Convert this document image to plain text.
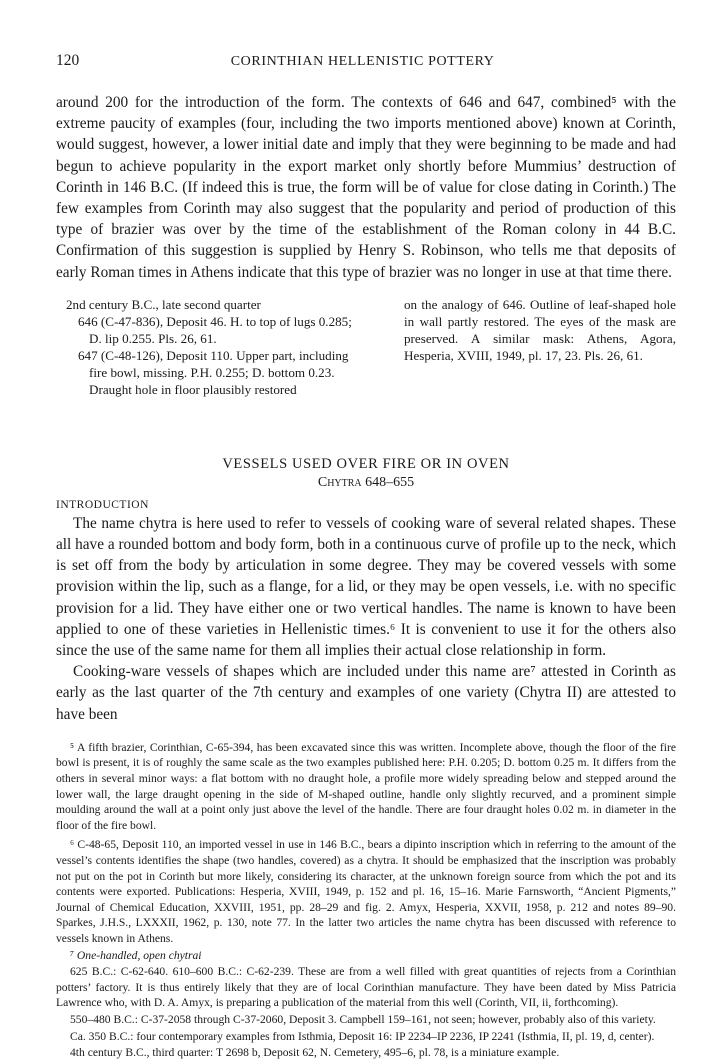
120	CORINTHIAN HELLENISTIC POTTERY

around 200 for the introduction of the form. The contexts of 646 and 647, combined⁵ with the extreme paucity of examples (four, including the two imports mentioned above) known at Corinth, would suggest, however, a lower initial date and imply that they were beginning to be made and had begun to achieve popularity in the export market only shortly before Mummius’ destruction of Corinth in 146 B.C. (If indeed this is true, the form will be of value for close dating in Corinth.) The few examples from Corinth may also suggest that the popularity and period of production of this type of brazier was over by the time of the establishment of the Roman colony in 44 B.C. Confirmation of this suggestion is supplied by Henry S. Robinson, who tells me that deposits of early Roman times in Athens indicate that this type of brazier was no longer in use at that time there.

2nd century B.C., late second quarter

646 (C-47-836), Deposit 46. H. to top of lugs 0.285; D. lip 0.255. Pls. 26, 61.

647 (C-48-126), Deposit 110. Upper part, including fire bowl, missing. P.H. 0.255; D. bottom 0.23. Draught hole in floor plausibly restored

on the analogy of 646. Outline of leaf-shaped hole in wall partly restored. The eyes of the mask are preserved. A similar mask: Athens, Agora, Hesperia, XVIII, 1949, pl. 17, 23. Pls. 26, 61.

VESSELS USED OVER FIRE OR IN OVEN
Chytra 648–655
INTRODUCTION

The name chytra is here used to refer to vessels of cooking ware of several related shapes. These all have a rounded bottom and body form, both in a continuous curve of profile up to the neck, which is set off from the body by articulation in some degree. They may be covered vessels with some provision within the lip, such as a flange, for a lid, or they may be open vessels, i.e. with no specific provision for a lid. They have either one or two vertical handles. The name is known to have been applied to one of these varieties in Hellenistic times.⁶ It is convenient to use it for the others also since the use of the same name for them all implies their actual close relationship in form.

Cooking-ware vessels of shapes which are included under this name are⁷ attested in Corinth as early as the last quarter of the 7th century and examples of one variety (Chytra II) are attested to have been

⁵ A fifth brazier, Corinthian, C-65-394, has been excavated since this was written. Incomplete above, though the floor of the fire bowl is present, it is of roughly the same scale as the two examples published here: P.H. 0.205; D. bottom 0.25 m. It differs from the others in several minor ways: a flat bottom with no draught hole, a profile more widely spreading below and stepped around the lower wall, the large draught opening in the side of M-shaped outline, handle only slightly recurved, and a prominent simple moulding around the wall at a point only just above the level of the handle. There are four draught holes 0.02 m. in diameter in the floor of the fire bowl.

⁶ C-48-65, Deposit 110, an imported vessel in use in 146 B.C., bears a dipinto inscription which in referring to the amount of the vessel’s contents identifies the shape (two handles, covered) as a chytra. It should be emphasized that the inscription was probably not put on the pot in Corinth but more likely, considering its character, at the unknown foreign source from which the pot and its contents were exported. Publications: Hesperia, XVIII, 1949, p. 152 and pl. 16, 15–16. Marie Farnsworth, “Ancient Pigments,” Journal of Chemical Education, XXVIII, 1951, pp. 28–29 and fig. 2. Amyx, Hesperia, XXVII, 1958, p. 212 and notes 89–90. Sparkes, J.H.S., LXXXII, 1962, p. 130, note 77. In the latter two articles the name chytra has been discussed with reference to vessels known in Athens.

⁷ One-handled, open chytrai

625 B.C.: C-62-640. 610–600 B.C.: C-62-239. These are from a well filled with great quantities of rejects from a Corinthian potters’ factory. It is thus entirely likely that they are of local Corinthian manufacture. They have been dated by Miss Patricia Lawrence who, with D. A. Amyx, is preparing a publication of the material from this well (Corinth, VII, ii, forthcoming).

550–480 B.C.: C-37-2058 through C-37-2060, Deposit 3. Campbell 159–161, not seen; however, probably also of this variety.

Ca. 350 B.C.: four contemporary examples from Isthmia, Deposit 16: IP 2234–IP 2236, IP 2241 (Isthmia, II, pl. 19, d, center).

4th century B.C., third quarter: T 2698 b, Deposit 62, N. Cemetery, 495–6, pl. 78, is a miniature example.
